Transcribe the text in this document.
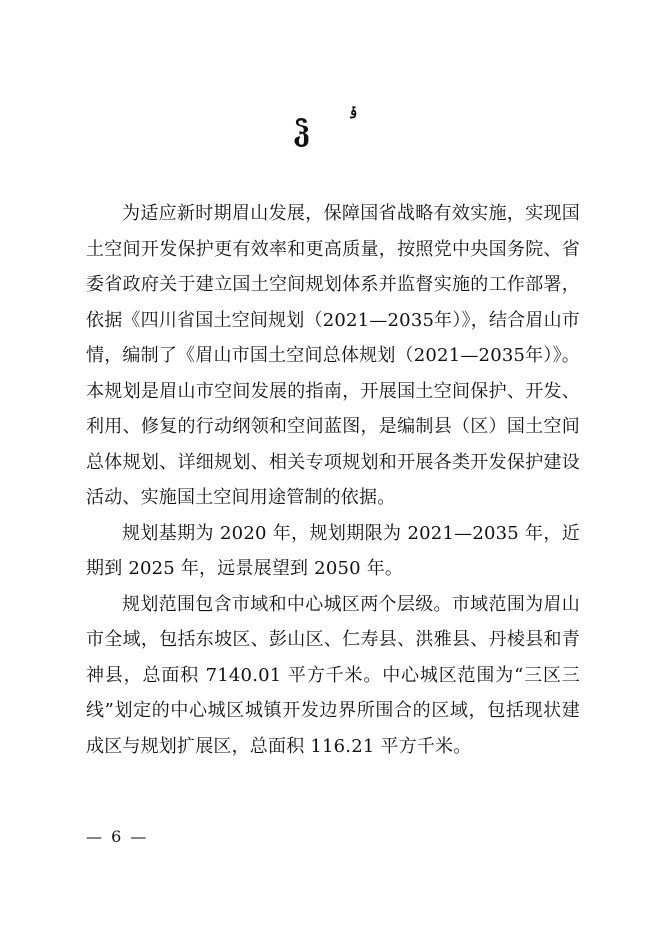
ჴ
ݹ

为适应新时期眉山发展，保障国省战略有效实施，实现国土空间开发保护更有效率和更高质量，按照党中央国务院、省委省政府关于建立国土空间规划体系并监督实施的工作部署，依据《四川省国土空间规划（2021—2035年）》，结合眉山市情，编制了《眉山市国土空间总体规划（2021—2035年）》。本规划是眉山市空间发展的指南，开展国土空间保护、开发、利用、修复的行动纲领和空间蓝图，是编制县（区）国土空间总体规划、详细规划、相关专项规划和开展各类开发保护建设活动、实施国土空间用途管制的依据。

规划基期为 2020 年，规划期限为 2021—2035 年，近期到 2025 年，远景展望到 2050 年。

规划范围包含市域和中心城区两个层级。市域范围为眉山市全域，包括东坡区、彭山区、仁寿县、洪雅县、丹棱县和青神县，总面积 7140.01 平方千米。中心城区范围为“三区三线”划定的中心城区城镇开发边界所围合的区域，包括现状建成区与规划扩展区，总面积 116.21 平方千米。

— 6 —
